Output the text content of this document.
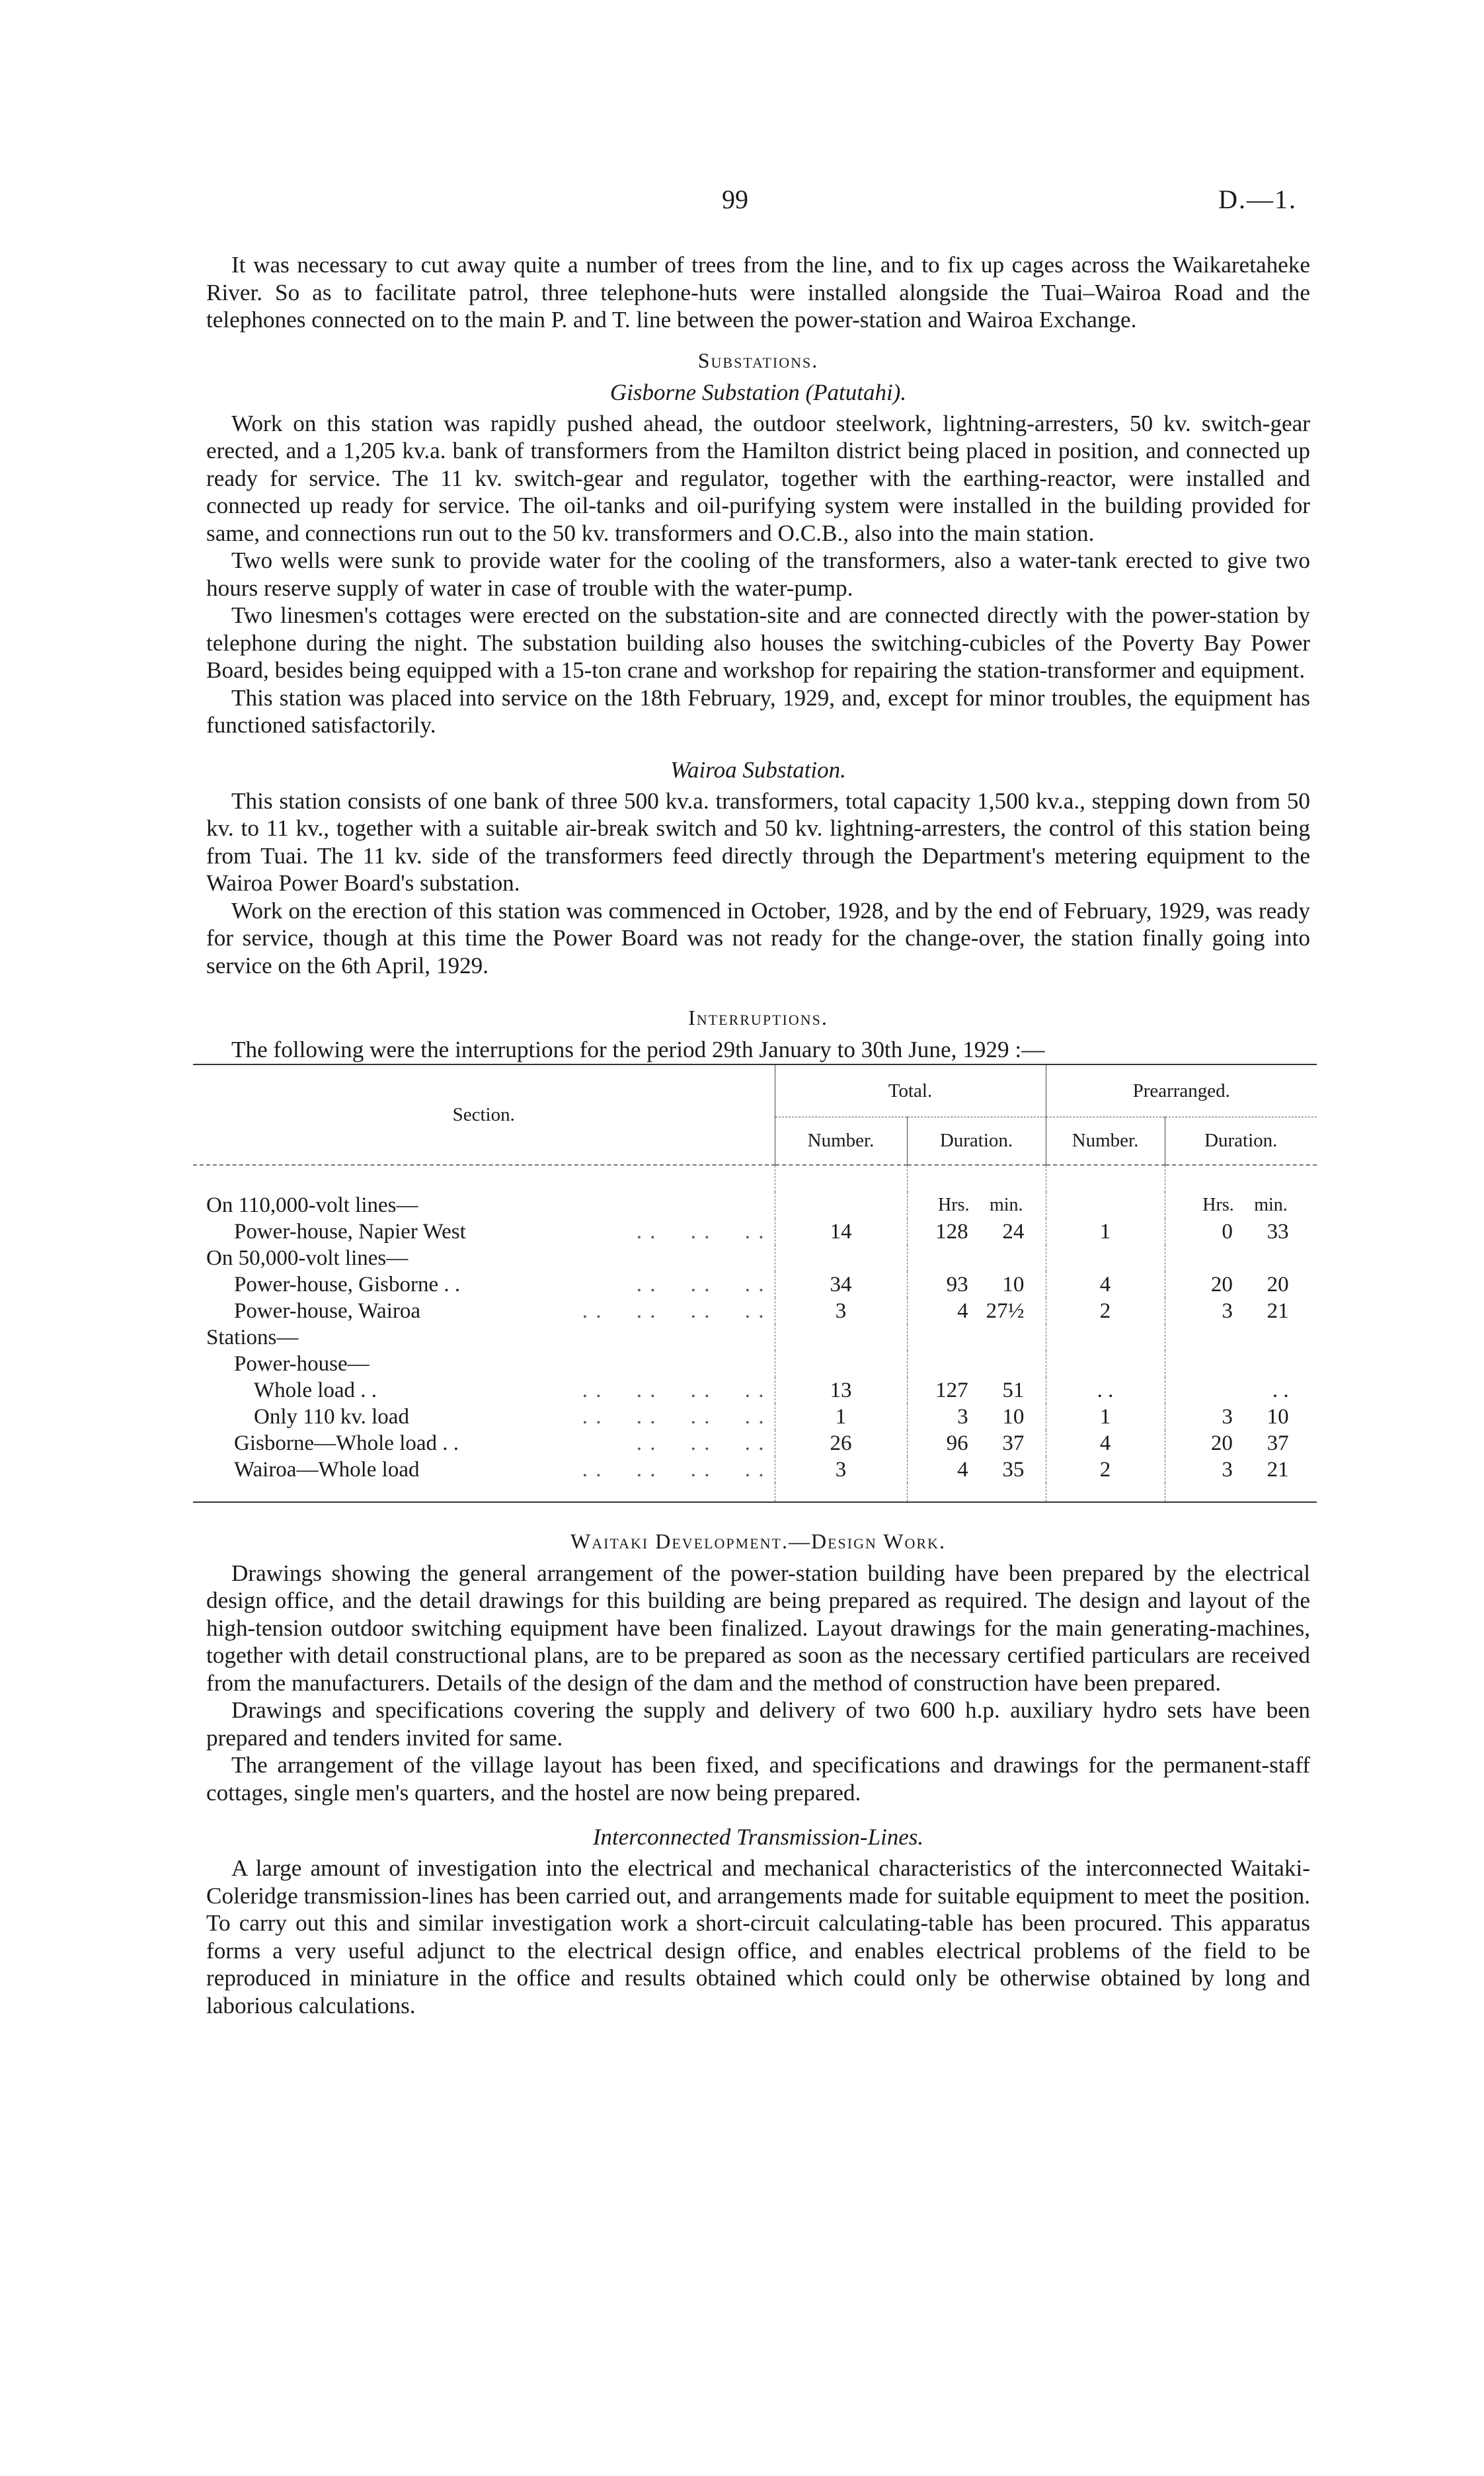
99	D.—1.

It was necessary to cut away quite a number of trees from the line, and to fix up cages across the Waikaretaheke River. So as to facilitate patrol, three telephone-huts were installed alongside the Tuai–Wairoa Road and the telephones connected on to the main P. and T. line between the power-station and Wairoa Exchange.

Substations.
Gisborne Substation (Patutahi).

Work on this station was rapidly pushed ahead, the outdoor steelwork, lightning-arresters, 50 kv. switch-gear erected, and a 1,205 kv.a. bank of transformers from the Hamilton district being placed in position, and connected up ready for service. The 11 kv. switch-gear and regulator, together with the earthing-reactor, were installed and connected up ready for service. The oil-tanks and oil-purifying system were installed in the building provided for same, and connections run out to the 50 kv. transformers and O.C.B., also into the main station.

Two wells were sunk to provide water for the cooling of the transformers, also a water-tank erected to give two hours reserve supply of water in case of trouble with the water-pump.

Two linesmen's cottages were erected on the substation-site and are connected directly with the power-station by telephone during the night. The substation building also houses the switching-cubicles of the Poverty Bay Power Board, besides being equipped with a 15-ton crane and workshop for repairing the station-transformer and equipment.

This station was placed into service on the 18th February, 1929, and, except for minor troubles, the equipment has functioned satisfactorily.

Wairoa Substation.

This station consists of one bank of three 500 kv.a. transformers, total capacity 1,500 kv.a., stepping down from 50 kv. to 11 kv., together with a suitable air-break switch and 50 kv. lightning-arresters, the control of this station being from Tuai. The 11 kv. side of the transformers feed directly through the Department's metering equipment to the Wairoa Power Board's substation.

Work on the erection of this station was commenced in October, 1928, and by the end of February, 1929, was ready for service, though at this time the Power Board was not ready for the change-over, the station finally going into service on the 6th April, 1929.

Interruptions.

The following were the interruptions for the period 29th January to 30th June, 1929 :—

Section.	Total.		Prearranged.	
	Number.	Duration.	Number.	Duration.

On 110,000-volt lines—		Hrs. min.		Hrs. min.
Power-house, Napier West . .     . .     . .	14	128 24	1	0 33
On 50,000-volt lines—				
Power-house, Gisborne . . . .     . .     . .	34	93 10	4	20 20
Power-house, Wairoa . .     . .     . .     . .	3	4 27½	2	3 21
Stations—				
Power-house—				
Whole load . . . .     . .     . .     . .	13	127 51	. .	. .
Only 110 kv. load . .     . .     . .     . .	1	3 10	1	3 10
Gisborne—Whole load . . . .     . .     . .	26	96 37	4	20 37
Wairoa—Whole load . .     . .     . .     . .	3	4 35	2	3 21

Waitaki Development.—Design Work.

Drawings showing the general arrangement of the power-station building have been prepared by the electrical design office, and the detail drawings for this building are being prepared as required. The design and layout of the high-tension outdoor switching equipment have been finalized. Layout drawings for the main generating-machines, together with detail constructional plans, are to be prepared as soon as the necessary certified particulars are received from the manufacturers. Details of the design of the dam and the method of construction have been prepared.

Drawings and specifications covering the supply and delivery of two 600 h.p. auxiliary hydro sets have been prepared and tenders invited for same.

The arrangement of the village layout has been fixed, and specifications and drawings for the permanent-staff cottages, single men's quarters, and the hostel are now being prepared.

Interconnected Transmission-Lines.

A large amount of investigation into the electrical and mechanical characteristics of the interconnected Waitaki-Coleridge transmission-lines has been carried out, and arrangements made for suitable equipment to meet the position. To carry out this and similar investigation work a short-circuit calculating-table has been procured. This apparatus forms a very useful adjunct to the electrical design office, and enables electrical problems of the field to be reproduced in miniature in the office and results obtained which could only be otherwise obtained by long and laborious calculations.
